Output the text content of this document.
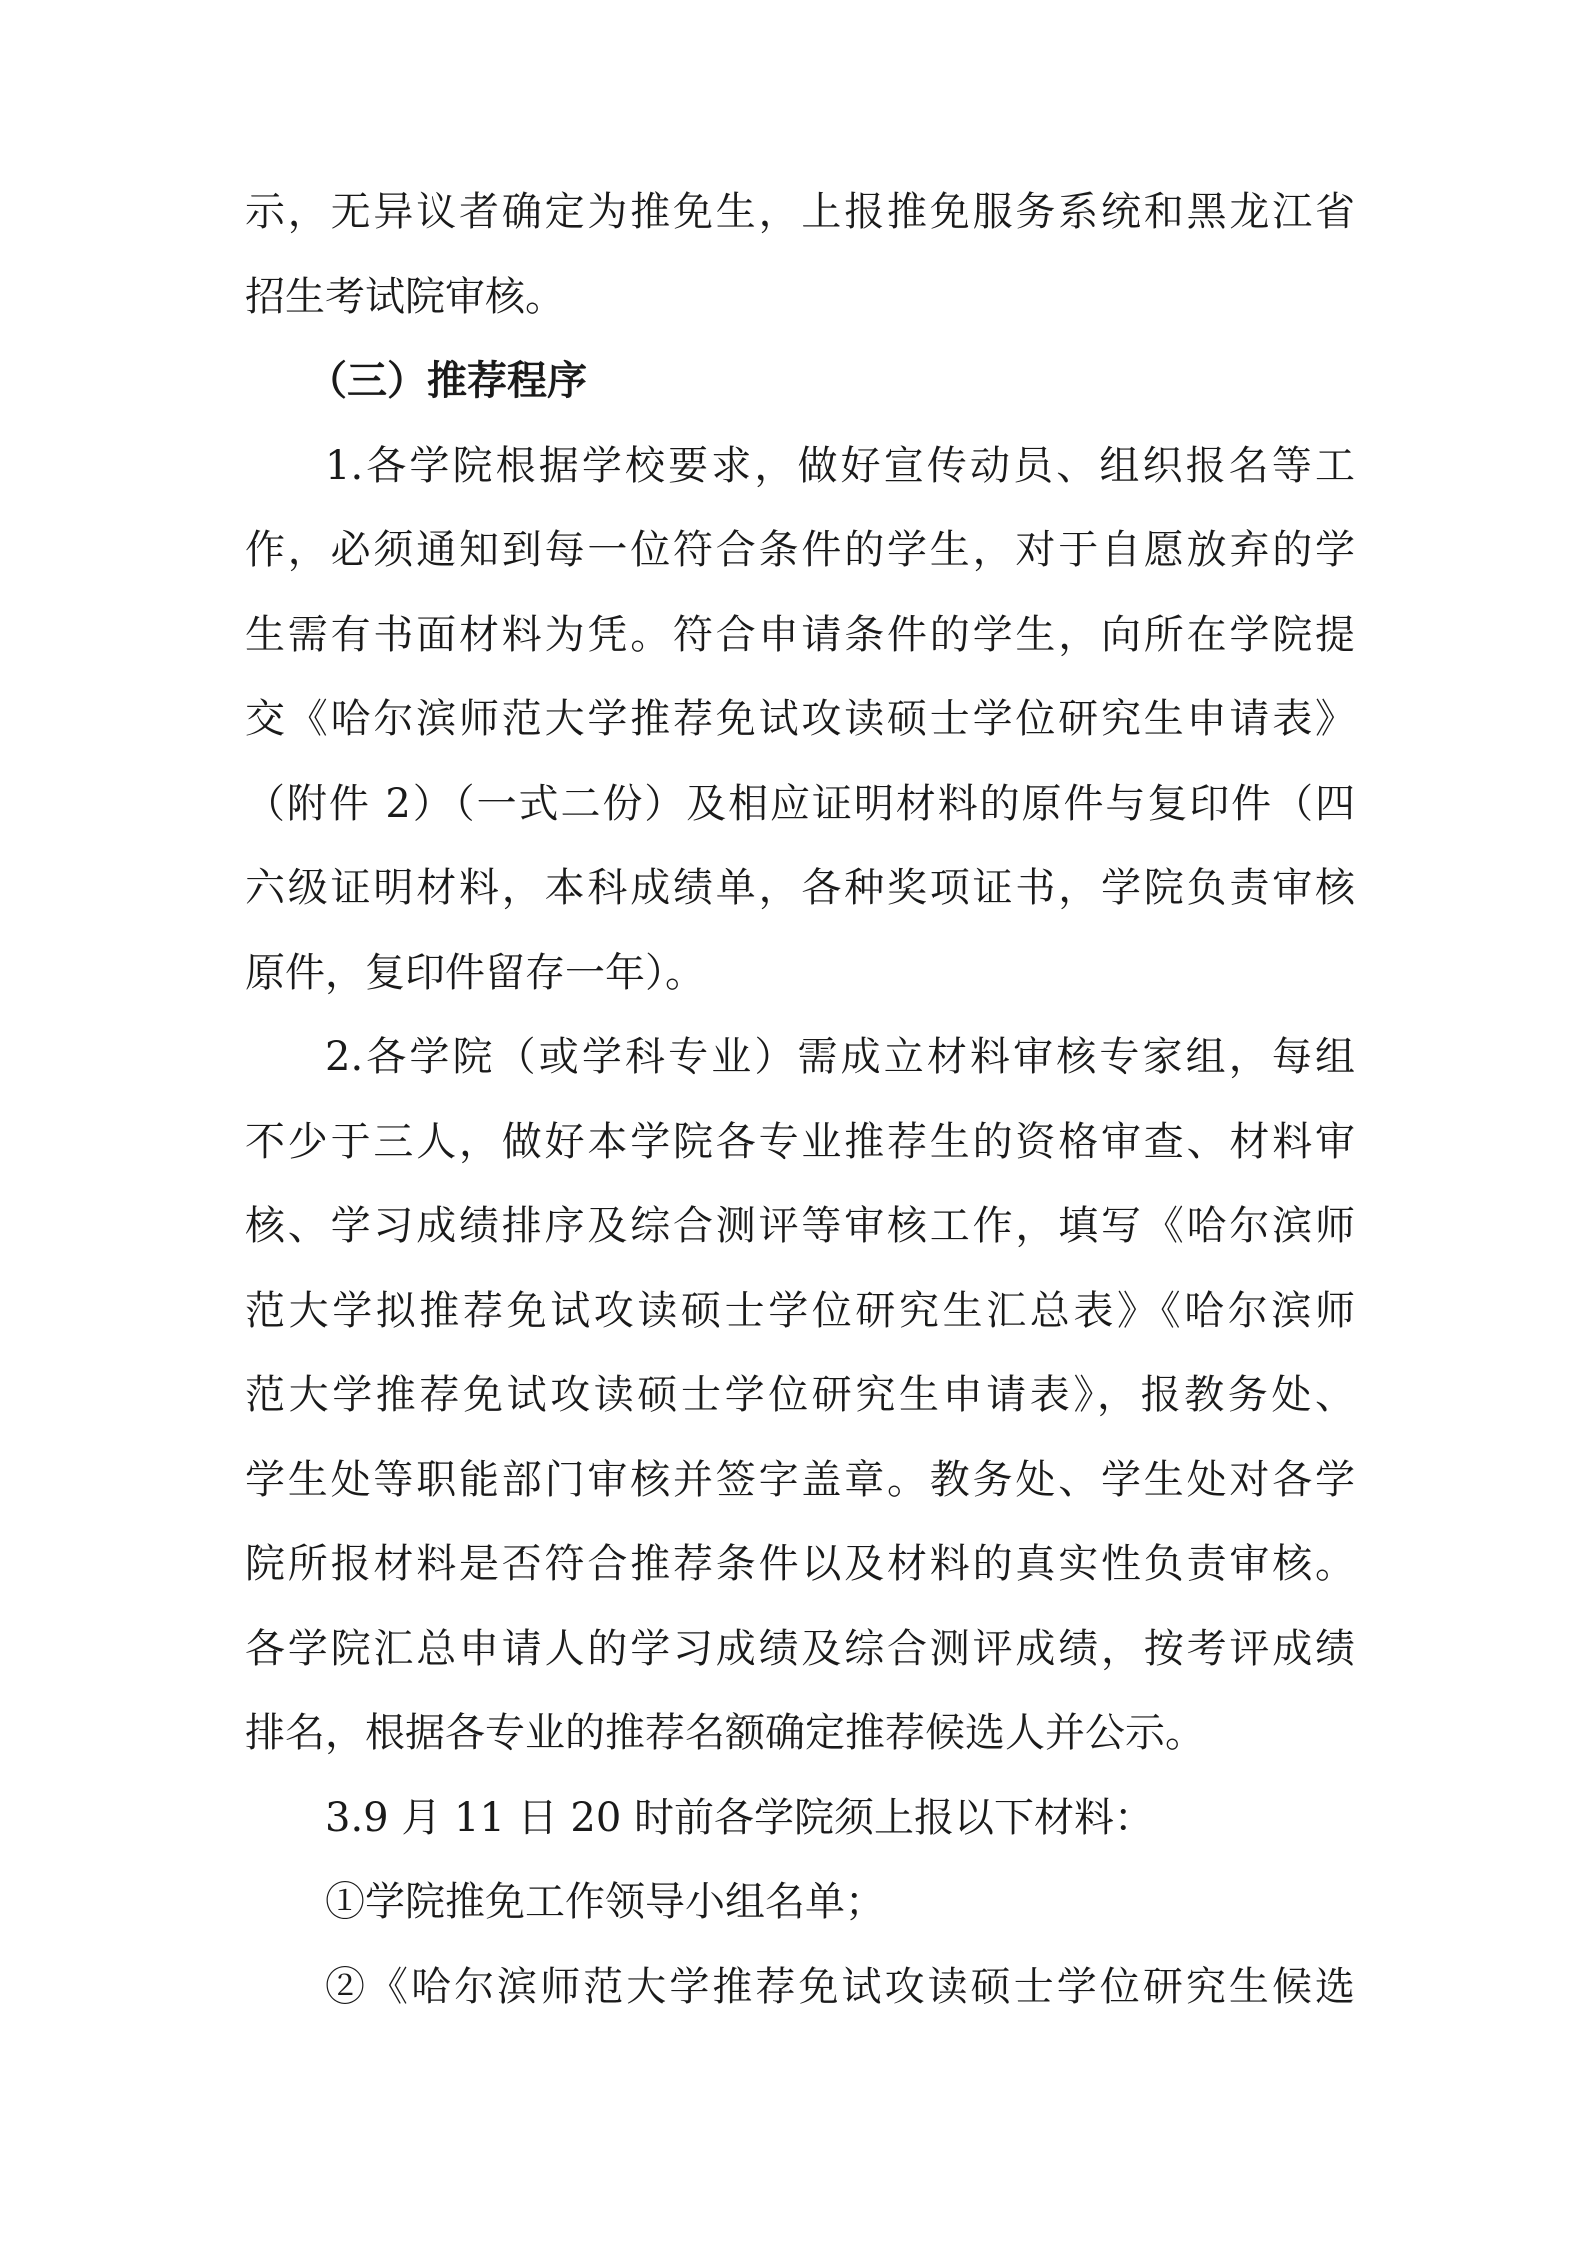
示，无异议者确定为推免生，上报推免服务系统和黑龙江省
招生考试院审核。
（三）推荐程序
1.各学院根据学校要求，做好宣传动员、组织报名等工
作，必须通知到每一位符合条件的学生，对于自愿放弃的学
生需有书面材料为凭。符合申请条件的学生，向所在学院提
交《哈尔滨师范大学推荐免试攻读硕士学位研究生申请表》
（附件 2）（一式二份）及相应证明材料的原件与复印件（四
六级证明材料，本科成绩单，各种奖项证书，学院负责审核
原件，复印件留存一年）。
2.各学院（或学科专业）需成立材料审核专家组，每组
不少于三人，做好本学院各专业推荐生的资格审查、材料审
核、学习成绩排序及综合测评等审核工作，填写《哈尔滨师
范大学拟推荐免试攻读硕士学位研究生汇总表》《哈尔滨师
范大学推荐免试攻读硕士学位研究生申请表》，报教务处、
学生处等职能部门审核并签字盖章。教务处、学生处对各学
院所报材料是否符合推荐条件以及材料的真实性负责审核。
各学院汇总申请人的学习成绩及综合测评成绩，按考评成绩
排名，根据各专业的推荐名额确定推荐候选人并公示。
3.9 月 11 日 20 时前各学院须上报以下材料：
①学院推免工作领导小组名单；
②《哈尔滨师范大学推荐免试攻读硕士学位研究生候选
